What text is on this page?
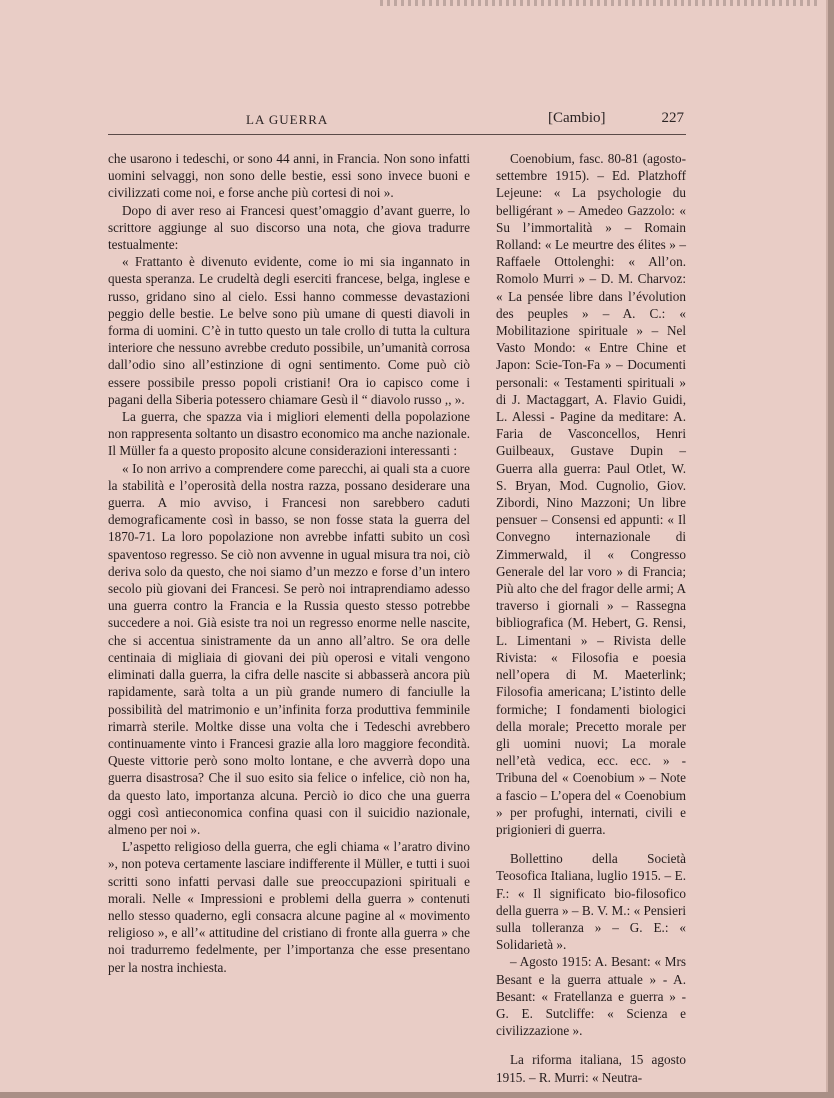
LA GUERRA	[Cambio]	227

che usarono i tedeschi, or sono 44 anni, in Francia. Non sono infatti uomini selvaggi, non sono delle bestie, essi sono invece buoni e civilizzati come noi, e forse anche più cortesi di noi ».

Dopo di aver reso ai Francesi quest’omaggio d’avant guerre, lo scrittore aggiunge al suo discorso una nota, che giova tradurre testualmente:

« Frattanto è divenuto evidente, come io mi sia ingannato in questa speranza. Le crudeltà degli eserciti francese, belga, inglese e russo, gridano sino al cielo. Essi hanno commesse devastazioni peggio delle bestie. Le belve sono più umane di questi diavoli in forma di uomini. C’è in tutto questo un tale crollo di tutta la cultura interiore che nessuno avrebbe creduto possibile, un’umanità corrosa dall’odio sino all’estinzione di ogni sentimento. Come può ciò essere possibile presso popoli cristiani! Ora io capisco come i pagani della Siberia potessero chiamare Gesù il “ diavolo russo ,, ».

La guerra, che spazza via i migliori elementi della popolazione non rappresenta soltanto un disastro economico ma anche nazionale. Il Müller fa a questo proposito alcune considerazioni interessanti :

« Io non arrivo a comprendere come parecchi, ai quali sta a cuore la stabilità e l’operosità della nostra razza, possano desiderare una guerra. A mio avviso, i Francesi non sarebbero caduti demograficamente così in basso, se non fosse stata la guerra del 1870-71. La loro popolazione non avrebbe infatti subito un così spaventoso regresso. Se ciò non avvenne in ugual misura tra noi, ciò deriva solo da questo, che noi siamo d’un mezzo e forse d’un intero secolo più giovani dei Francesi. Se però noi intraprendiamo adesso una guerra contro la Francia e la Russia questo stesso potrebbe succedere a noi. Già esiste tra noi un regresso enorme nelle nascite, che si accentua sinistramente da un anno all’altro. Se ora delle centinaia di migliaia di giovani dei più operosi e vitali vengono eliminati dalla guerra, la cifra delle nascite si abbasserà ancora più rapidamente, sarà tolta a un più grande numero di fanciulle la possibilità del matrimonio e un’infinita forza produttiva femminile rimarrà sterile. Moltke disse una volta che i Tedeschi avrebbero continuamente vinto i Francesi grazie alla loro maggiore fecondità. Queste vittorie però sono molto lontane, e che avverrà dopo una guerra disastrosa? Che il suo esito sia felice o infelice, ciò non ha, da questo lato, importanza alcuna. Perciò io dico che una guerra oggi così antieconomica confina quasi con il suicidio nazionale, almeno per noi ».

L’aspetto religioso della guerra, che egli chiama « l’aratro divino », non poteva certamente lasciare indifferente il Müller, e tutti i suoi scritti sono infatti pervasi dalle sue preoccupazioni spirituali e morali. Nelle « Impressioni e problemi della guerra » contenuti nello stesso quaderno, egli consacra alcune pagine al « movimento religioso », e all’« attitudine del cristiano di fronte alla guerra » che noi tradurremo fedelmente, per l’importanza che esse presentano per la nostra inchiesta.

Coenobium, fasc. 80-81 (agosto-settembre 1915). – Ed. Platzhoff Lejeune: « La psychologie du belligérant » – Amedeo Gazzolo: « Su l’immortalità » – Romain Rolland: « Le meurtre des élites » – Raffaele Ottolenghi: « All’on. Romolo Murri » – D. M. Charvoz: « La pensée libre dans l’évolution des peuples » – A. C.: « Mobilitazione spirituale » – Nel Vasto Mondo: « Entre Chine et Japon: Scie-Ton-Fa » – Documenti personali: « Testamenti spirituali » di J. Mactaggart, A. Flavio Guidi, L. Alessi - Pagine da meditare: A. Faria de Vasconcellos, Henri Guilbeaux, Gustave Dupin – Guerra alla guerra: Paul Otlet, W. S. Bryan, Mod. Cugnolio, Giov. Zibordi, Nino Mazzoni; Un libre pensuer – Consensi ed appunti: « Il Convegno internazionale di Zimmerwald, il « Congresso Generale del lar voro » di Francia; Più alto che del fragor delle armi; A traverso i giornali » – Rassegna bibliografica (M. Hebert, G. Rensi, L. Limentani » – Rivista delle Rivista: « Filosofia e poesia nell’opera di M. Maeterlink; Filosofia americana; L’istinto delle formiche; I fondamenti biologici della morale; Precetto morale per gli uomini nuovi; La morale nell’età vedica, ecc. ecc. » - Tribuna del « Coenobium » – Note a fascio – L’opera del « Coenobium » per profughi, internati, civili e prigionieri di guerra.

Bollettino della Società Teosofica Italiana, luglio 1915. – E. F.: « Il significato bio-filosofico della guerra » – B. V. M.: « Pensieri sulla tolleranza » – G. E.: « Solidarietà ».

– Agosto 1915: A. Besant: « Mrs Besant e la guerra attuale » - A. Besant: « Fratellanza e guerra » - G. E. Sutcliffe: « Scienza e civilizzazione ».

La riforma italiana, 15 agosto 1915. – R. Murri: « Neutra-
